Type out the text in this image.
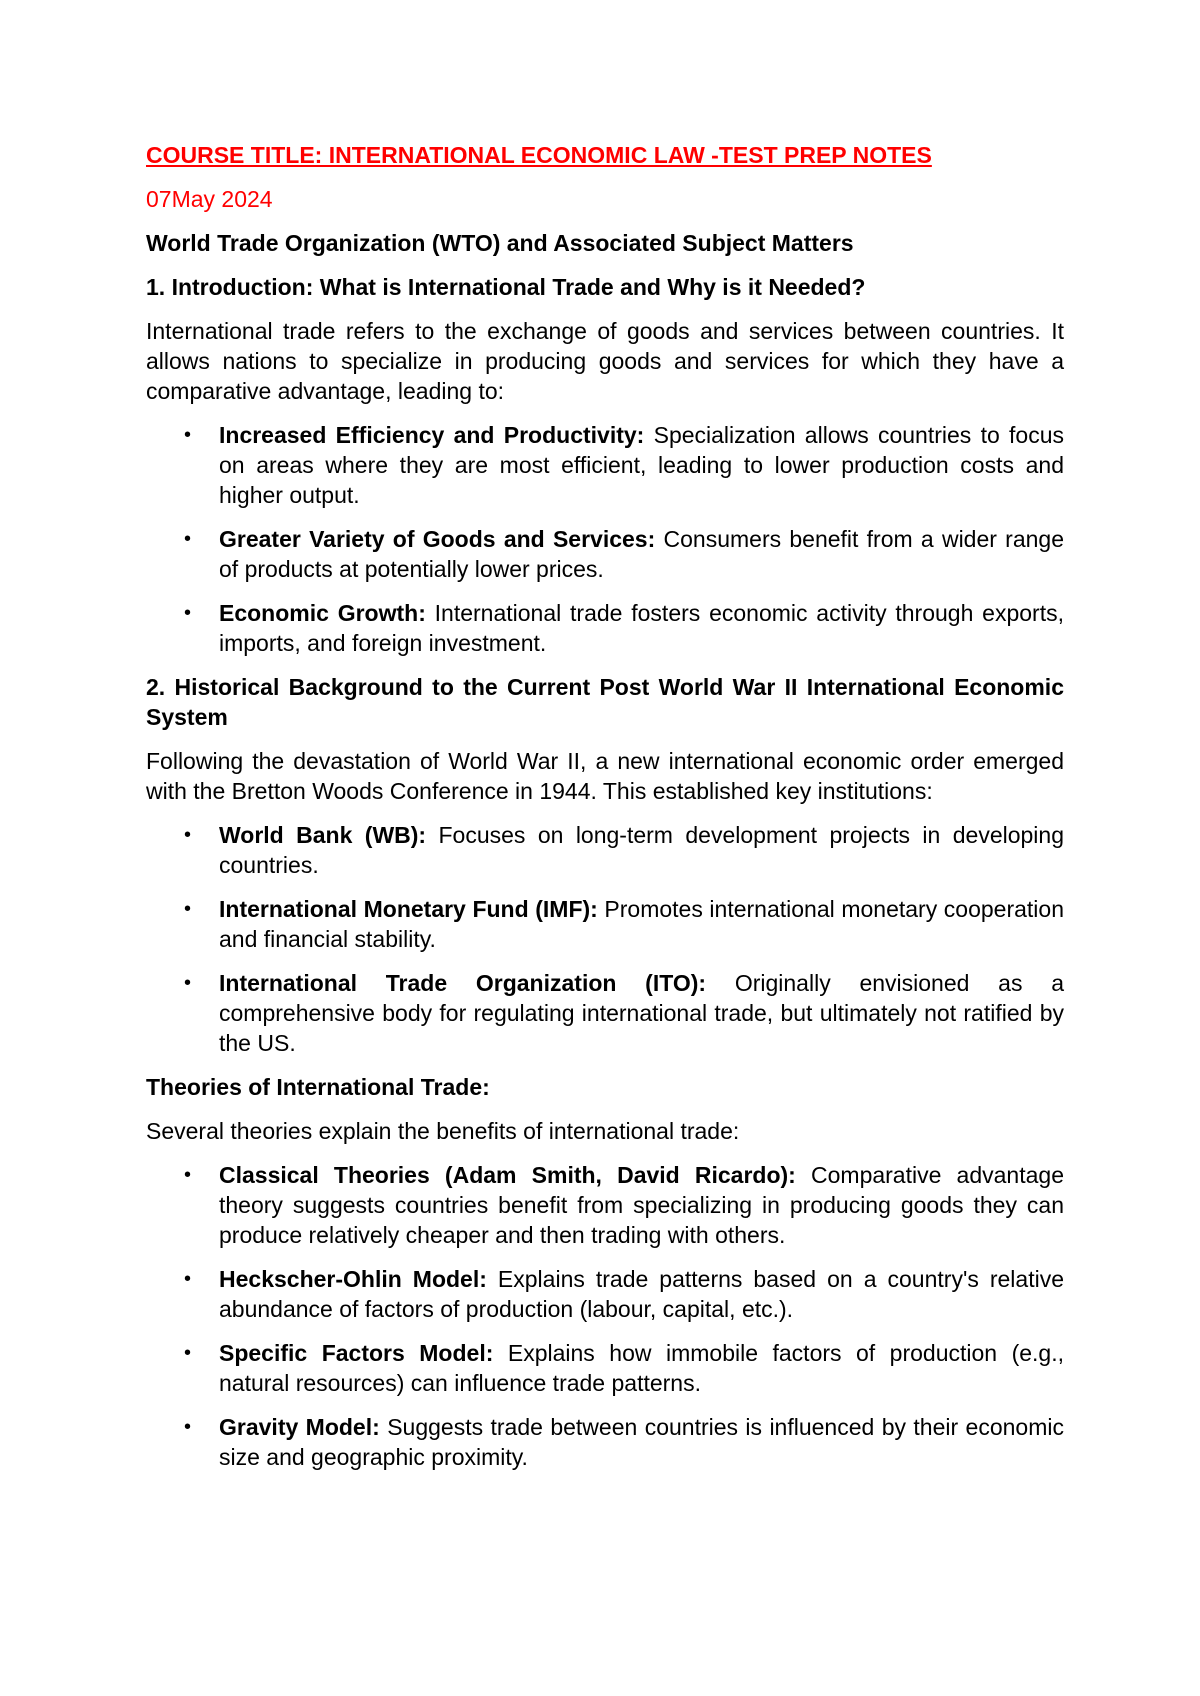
COURSE TITLE: INTERNATIONAL ECONOMIC LAW -TEST PREP NOTES
07May 2024
World Trade Organization (WTO) and Associated Subject Matters
1. Introduction: What is International Trade and Why is it Needed?

International trade refers to the exchange of goods and services between countries. It allows nations to specialize in producing goods and services for which they have a comparative advantage, leading to:

• Increased Efficiency and Productivity: Specialization allows countries to focus on areas where they are most efficient, leading to lower production costs and higher output.
• Greater Variety of Goods and Services: Consumers benefit from a wider range of products at potentially lower prices.
• Economic Growth: International trade fosters economic activity through exports, imports, and foreign investment.
2. Historical Background to the Current Post World War II International Economic System

Following the devastation of World War II, a new international economic order emerged with the Bretton Woods Conference in 1944. This established key institutions:

• World Bank (WB): Focuses on long-term development projects in developing countries.
• International Monetary Fund (IMF): Promotes international monetary cooperation and financial stability.
• International Trade Organization (ITO): Originally envisioned as a comprehensive body for regulating international trade, but ultimately not ratified by the US.
Theories of International Trade:

Several theories explain the benefits of international trade:

• Classical Theories (Adam Smith, David Ricardo): Comparative advantage theory suggests countries benefit from specializing in producing goods they can produce relatively cheaper and then trading with others.
• Heckscher-Ohlin Model: Explains trade patterns based on a country's relative abundance of factors of production (labour, capital, etc.).
• Specific Factors Model: Explains how immobile factors of production (e.g., natural resources) can influence trade patterns.
• Gravity Model: Suggests trade between countries is influenced by their economic size and geographic proximity.
